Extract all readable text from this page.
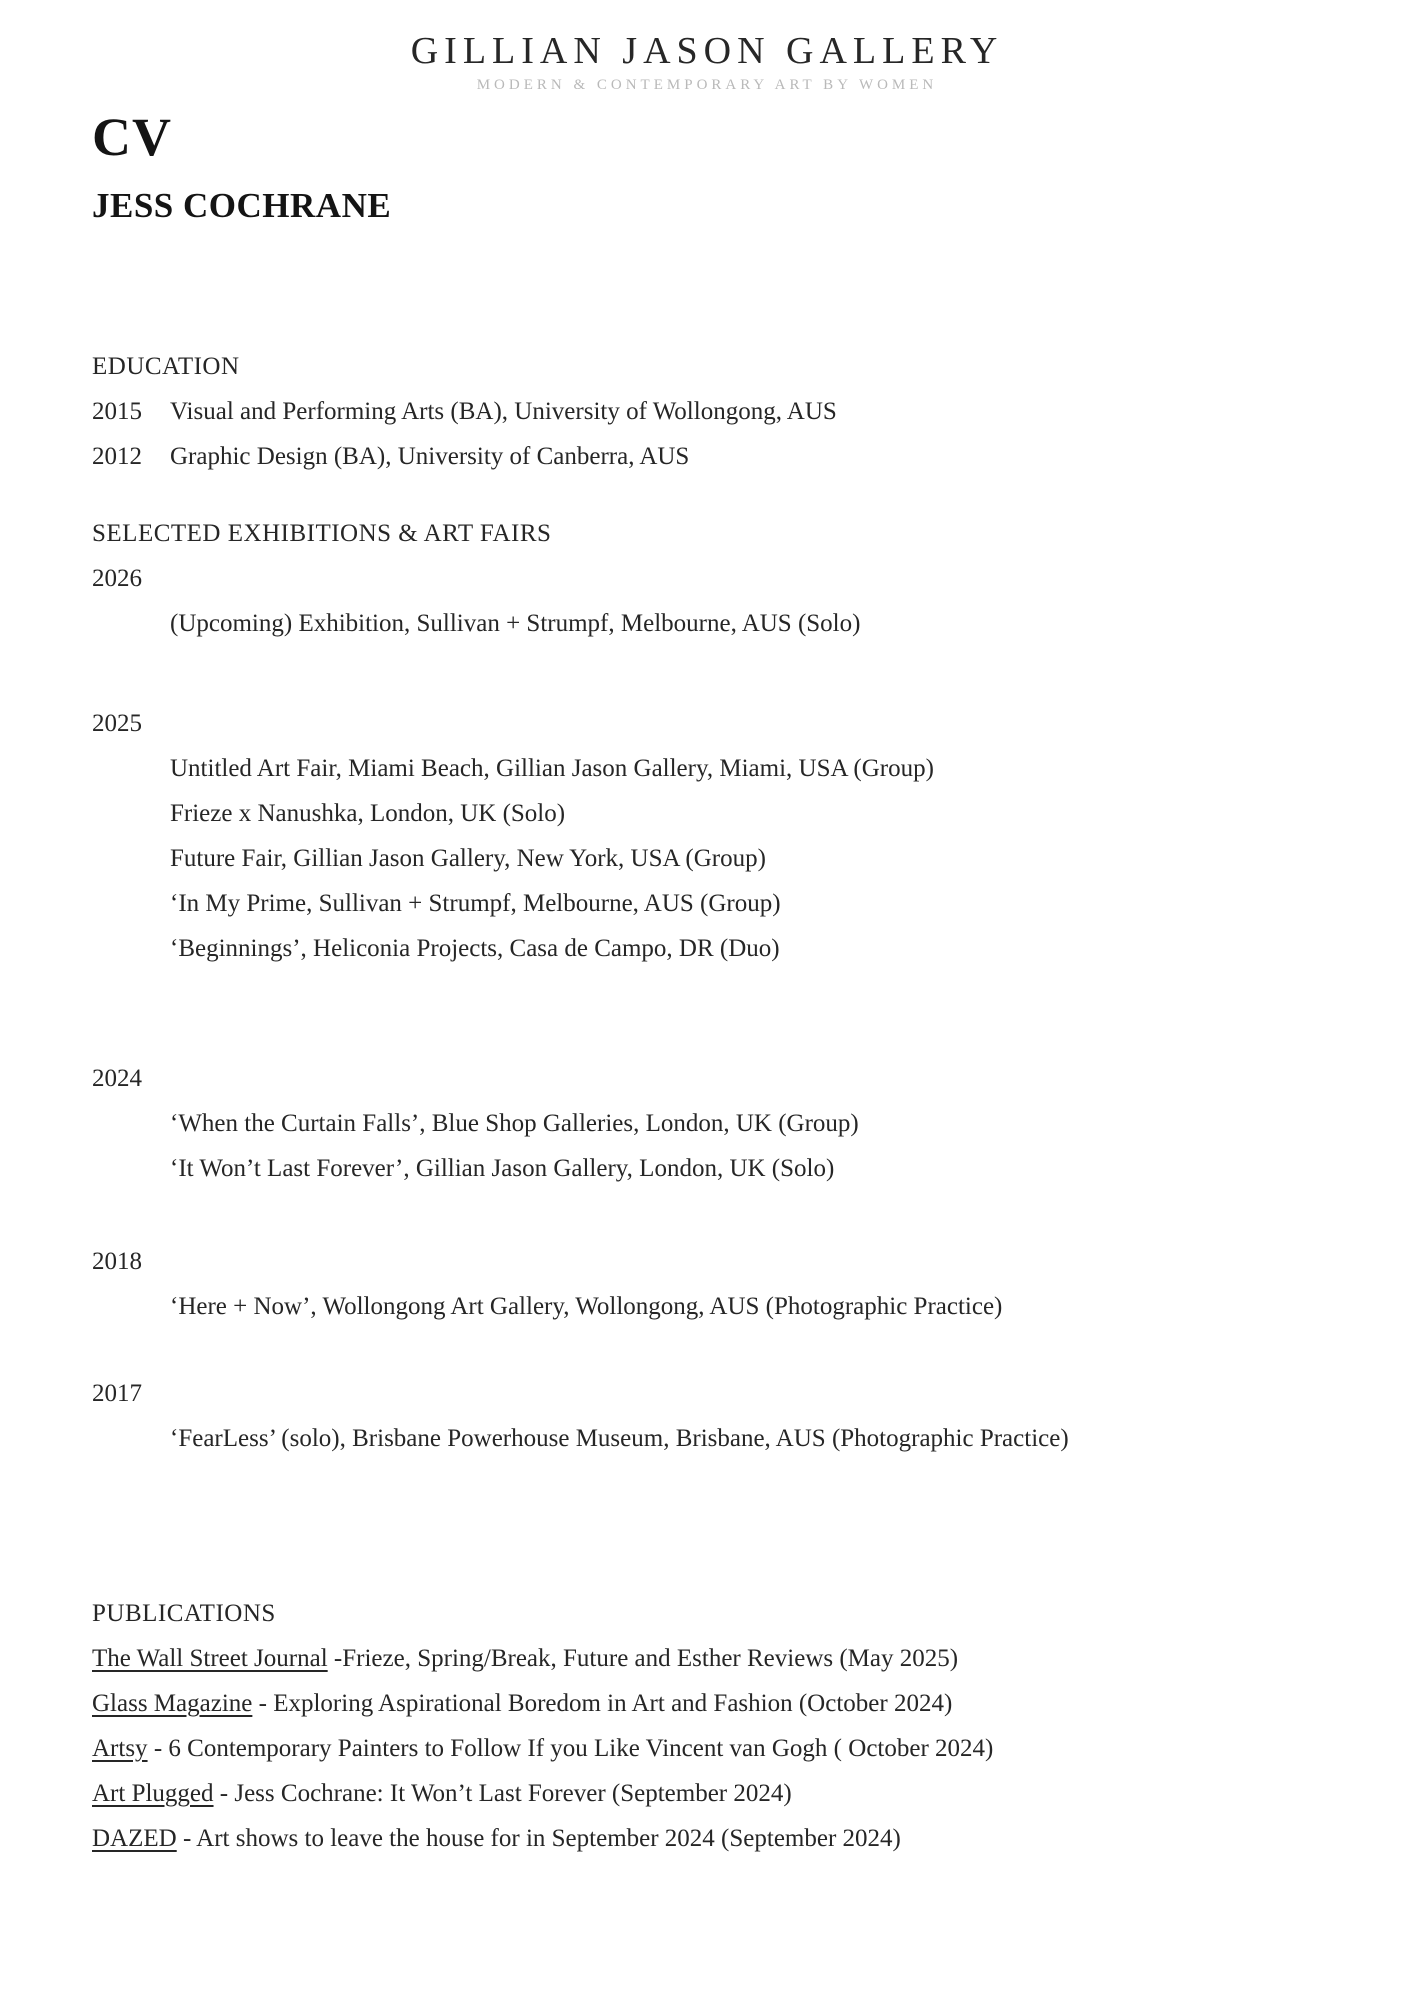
GILLIAN JASON GALLERY
MODERN & CONTEMPORARY ART BY WOMEN
CV
JESS COCHRANE
EDUCATION
2015 Visual and Performing Arts (BA), University of Wollongong, AUS
2012 Graphic Design (BA), University of Canberra, AUS
SELECTED EXHIBITIONS & ART FAIRS
2026
(Upcoming) Exhibition, Sullivan + Strumpf, Melbourne, AUS (Solo)
2025
Untitled Art Fair, Miami Beach, Gillian Jason Gallery, Miami, USA (Group)
Frieze x Nanushka, London, UK (Solo)
Future Fair, Gillian Jason Gallery, New York, USA (Group)
‘In My Prime, Sullivan + Strumpf, Melbourne, AUS (Group)
‘Beginnings’, Heliconia Projects, Casa de Campo, DR (Duo)
2024
‘When the Curtain Falls’, Blue Shop Galleries, London, UK (Group)
‘It Won’t Last Forever’, Gillian Jason Gallery, London, UK (Solo)
2018
‘Here + Now’, Wollongong Art Gallery, Wollongong, AUS (Photographic Practice)
2017
‘FearLess’ (solo), Brisbane Powerhouse Museum, Brisbane, AUS (Photographic Practice)
PUBLICATIONS
The Wall Street Journal -Frieze, Spring/Break, Future and Esther Reviews (May 2025)
Glass Magazine - Exploring Aspirational Boredom in Art and Fashion (October 2024)
Artsy - 6 Contemporary Painters to Follow If you Like Vincent van Gogh ( October 2024)
Art Plugged - Jess Cochrane: It Won’t Last Forever (September 2024)
DAZED - Art shows to leave the house for in September 2024 (September 2024)
